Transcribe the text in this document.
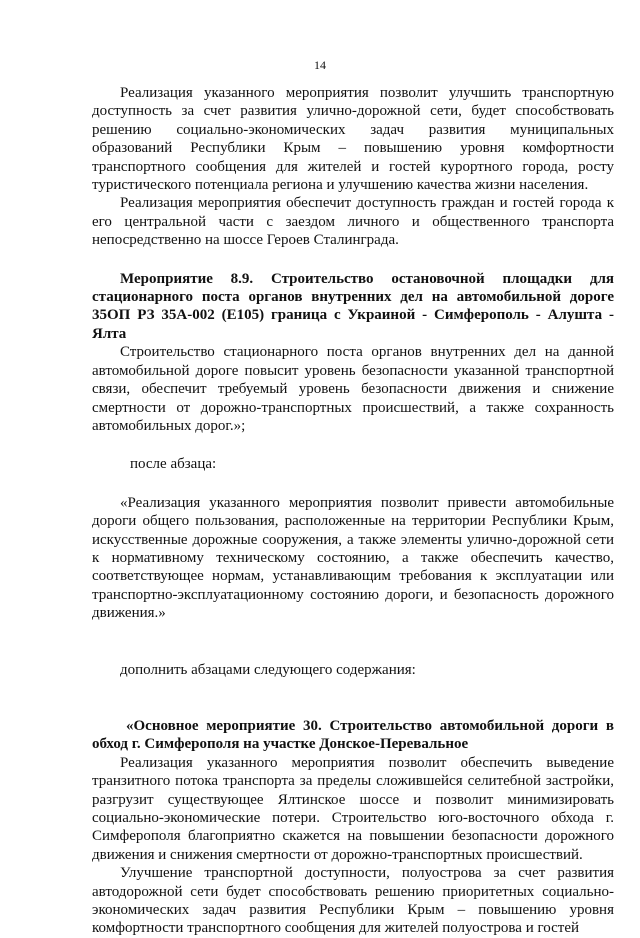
14

Реализация указанного мероприятия позволит улучшить транспортную доступность за счет развития улично-дорожной сети, будет способствовать решению социально-экономических задач развития муниципальных образований Республики Крым – повышению уровня комфортности транспортного сообщения для жителей и гостей курортного города, росту туристического потенциала региона и улучшению качества жизни населения.

Реализация мероприятия обеспечит доступность граждан и гостей города к его центральной части с заездом личного и общественного транспорта непосредственно на шоссе Героев Сталинграда.

Мероприятие 8.9. Строительство остановочной площадки для стационарного поста органов внутренних дел на автомобильной дороге 35ОП РЗ 35А-002 (Е105) граница с Украиной - Симферополь - Алушта - Ялта

Строительство стационарного поста органов внутренних дел на данной автомобильной дороге повысит уровень безопасности указанной транспортной связи, обеспечит требуемый уровень безопасности движения и снижение смертности от дорожно-транспортных происшествий, а также сохранность автомобильных дорог.»;

после абзаца:

«Реализация указанного мероприятия позволит привести автомобильные дороги общего пользования, расположенные на территории Республики Крым, искусственные дорожные сооружения, а также элементы улично-дорожной сети к нормативному техническому состоянию, а также обеспечить качество, соответствующее нормам, устанавливающим требования к эксплуатации или транспортно-эксплуатационному состоянию дороги, и безопасность дорожного движения.»

дополнить абзацами следующего содержания:

«Основное мероприятие 30. Строительство автомобильной дороги в обход г. Симферополя на участке Донское-Перевальное

Реализация указанного мероприятия позволит обеспечить выведение транзитного потока транспорта за пределы сложившейся селитебной застройки, разгрузит существующее Ялтинское шоссе и позволит минимизировать социально-экономические потери. Строительство юго-восточного обхода г. Симферополя благоприятно скажется на повышении безопасности дорожного движения и снижения смертности от дорожно-транспортных происшествий.

Улучшение транспортной доступности, полуострова за счет развития автодорожной сети будет способствовать решению приоритетных социально-экономических задач развития Республики Крым – повышению уровня комфортности транспортного сообщения для жителей полуострова и гостей
